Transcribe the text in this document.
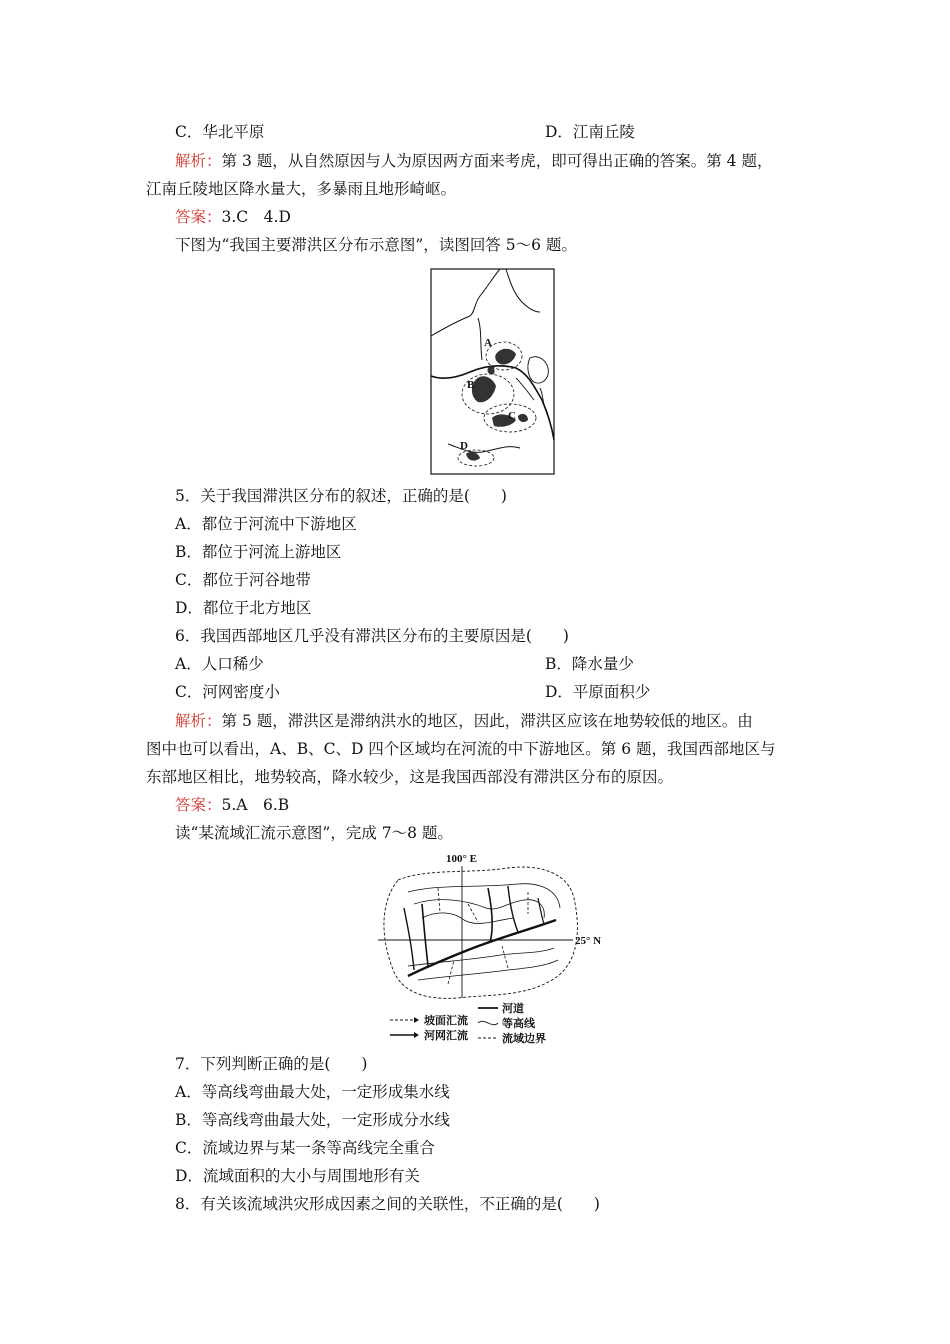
C．华北平原	D．江南丘陵
解析：第 3 题，从自然原因与人为原因两方面来考虎，即可得出正确的答案。第 4 题，
江南丘陵地区降水量大，多暴雨且地形崎岖。
答案：3.C　4.D
下图为“我国主要滞洪区分布示意图”，读图回答 5～6 题。
A
B
C
D
5．关于我国滞洪区分布的叙述，正确的是(　　)
A．都位于河流中下游地区
B．都位于河流上游地区
C．都位于河谷地带
D．都位于北方地区
6．我国西部地区几乎没有滞洪区分布的主要原因是(　　)
A．人口稀少	B．降水量少
C．河网密度小	D．平原面积少
解析：第 5 题，滞洪区是滞纳洪水的地区，因此，滞洪区应该在地势较低的地区。由
图中也可以看出，A、B、C、D 四个区域均在河流的中下游地区。第 6 题，我国西部地区与
东部地区相比，地势较高，降水较少，这是我国西部没有滞洪区分布的原因。
答案：5.A　6.B
读“某流域汇流示意图”，完成 7～8 题。
100° E
25° N
坡面汇流
河网汇流
河道
等高线
流域边界
7．下列判断正确的是(　　)
A．等高线弯曲最大处，一定形成集水线
B．等高线弯曲最大处，一定形成分水线
C．流域边界与某一条等高线完全重合
D．流域面积的大小与周围地形有关
8．有关该流域洪灾形成因素之间的关联性，不正确的是(　　)
